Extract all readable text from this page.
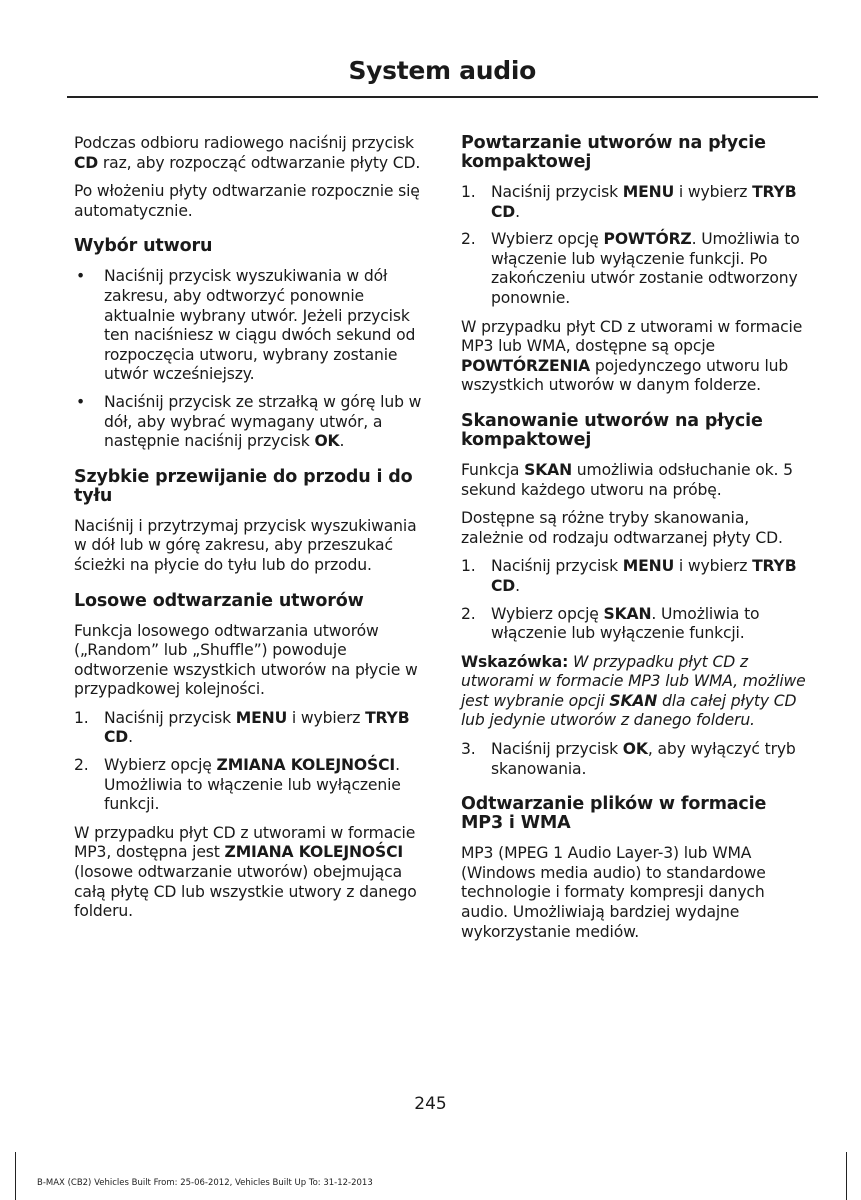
System audio

Podczas odbioru radiowego naciśnij przycisk CD raz, aby rozpocząć odtwarzanie płyty CD.

Po włożeniu płyty odtwarzanie rozpocznie się automatycznie.

Wybór utworu
• Naciśnij przycisk wyszukiwania w dół zakresu, aby odtworzyć ponownie aktualnie wybrany utwór. Jeżeli przycisk ten naciśniesz w ciągu dwóch sekund od rozpoczęcia utworu, wybrany zostanie utwór wcześniejszy.
• Naciśnij przycisk ze strzałką w górę lub w dół, aby wybrać wymagany utwór, a następnie naciśnij przycisk OK.
Szybkie przewijanie do przodu i do tyłu

Naciśnij i przytrzymaj przycisk wyszukiwania w dół lub w górę zakresu, aby przeszukać ścieżki na płycie do tyłu lub do przodu.

Losowe odtwarzanie utworów

Funkcja losowego odtwarzania utworów („Random” lub „Shuffle”) powoduje odtworzenie wszystkich utworów na płycie w przypadkowej kolejności.

1. Naciśnij przycisk MENU i wybierz TRYB CD.
2. Wybierz opcję ZMIANA KOLEJNOŚCI. Umożliwia to włączenie lub wyłączenie funkcji.

W przypadku płyt CD z utworami w formacie MP3, dostępna jest ZMIANA KOLEJNOŚCI (losowe odtwarzanie utworów) obejmująca całą płytę CD lub wszystkie utwory z danego folderu.

Powtarzanie utworów na płycie kompaktowej
1. Naciśnij przycisk MENU i wybierz TRYB CD.
2. Wybierz opcję POWTÓRZ. Umożliwia to włączenie lub wyłączenie funkcji. Po zakończeniu utwór zostanie odtworzony ponownie.

W przypadku płyt CD z utworami w formacie MP3 lub WMA, dostępne są opcje POWTÓRZENIA pojedynczego utworu lub wszystkich utworów w danym folderze.

Skanowanie utworów na płycie kompaktowej

Funkcja SKAN umożliwia odsłuchanie ok. 5 sekund każdego utworu na próbę.

Dostępne są różne tryby skanowania, zależnie od rodzaju odtwarzanej płyty CD.

1. Naciśnij przycisk MENU i wybierz TRYB CD.
2. Wybierz opcję SKAN. Umożliwia to włączenie lub wyłączenie funkcji.

Wskazówka: W przypadku płyt CD z utworami w formacie MP3 lub WMA, możliwe jest wybranie opcji SKAN dla całej płyty CD lub jedynie utworów z danego folderu.

3. Naciśnij przycisk OK, aby wyłączyć tryb skanowania.
Odtwarzanie plików w formacie MP3 i WMA

MP3 (MPEG 1 Audio Layer-3) lub WMA (Windows media audio) to standardowe technologie i formaty kompresji danych audio. Umożliwiają bardziej wydajne wykorzystanie mediów.

245
B-MAX (CB2) Vehicles Built From: 25-06-2012, Vehicles Built Up To: 31-12-2013
